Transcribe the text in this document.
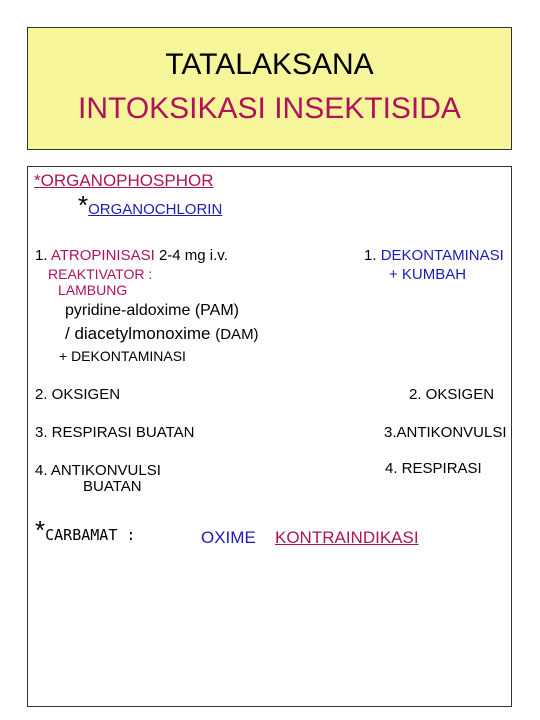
TATALAKSANA
INTOKSIKASI INSEKTISIDA
*ORGANOPHOSPHOR
*ORGANOCHLORIN
1. ATROPINISASI 2-4 mg i.v.
REAKTIVATOR :
LAMBUNG
pyridine-aldoxime (PAM)
/ diacetylmonoxime (DAM)
+ DEKONTAMINASI
2. OKSIGEN
3. RESPIRASI BUATAN
4. ANTIKONVULSI
BUATAN
1. DEKONTAMINASI
+ KUMBAH
2. OKSIGEN
3.ANTIKONVULSI
4. RESPIRASI
*CARBAMAT :	OXIME KONTRAINDIKASI
